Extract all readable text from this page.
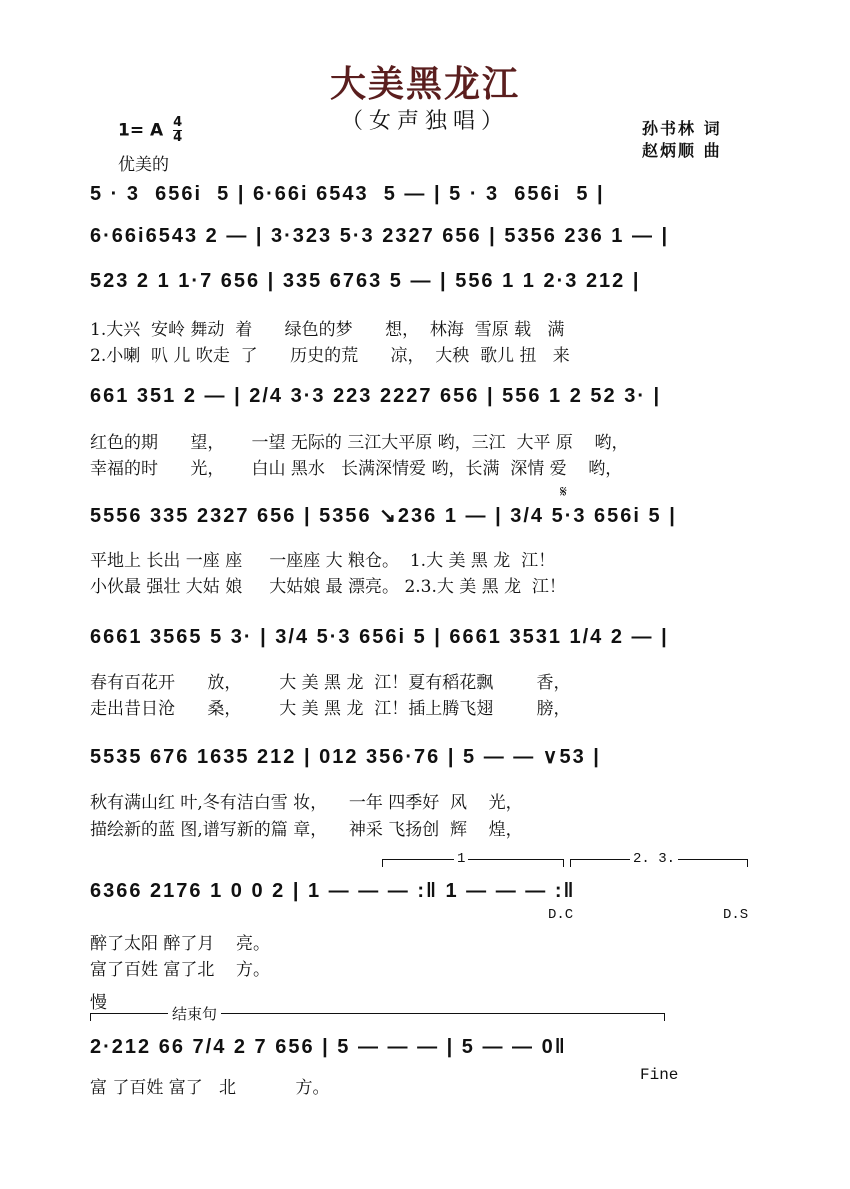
大美黑龙江
（女声独唱）
1= A $\frac{4}{4}$
优美的
孙书林 词
赵炳顺 曲
5 · 3  656i  5 | 6·66i 6543  5 — | 5 · 3  656i  5 |
6·66i6543 2 — | 3·323 5·3 2327 656 | 5356 236 1 — |
523 2 1 1·7 656 | 335 6763 5 — | 556 1 1 2·3 212 |
1.大兴  安岭 舞动  着      绿色的梦      想，  林海  雪原 载   满
2.小喇  叭 儿 吹走  了      历史的荒      凉，  大秧  歌儿 扭   来
661 351 2 — | 2/4 3·3 223 2227 656 | 556 1 2 52 3· |
红色的期      望，     一望 无际的 三江大平原 哟，三江  大平 原    哟，
幸福的时      光，     白山 黑水   长满深情爱 哟，长满  深情 爱    哟，
𝄋
5556 335 2327 656 | 5356 ↘236 1 — | 3/4 5·3 656i 5 |
平地上 长出 一座 座     一座座 大 粮仓。  1.大 美 黑 龙  江！
小伙最 强壮 大姑 娘     大姑娘 最 漂亮。 2.3.大 美 黑 龙  江！
6661 3565 5 3· | 3/4 5·3 656i 5 | 6661 3531 1/4 2 — |
春有百花开      放，       大 美 黑 龙  江！夏有稻花飘        香，
走出昔日沧      桑，       大 美 黑 龙  江！插上腾飞翅        膀，
5535 676 1635 212 | 012 356·76 | 5 — — ∨53 |
秋有满山红 叶,冬有洁白雪 妆，    一年 四季好  风    光，
描绘新的蓝 图,谱写新的篇 章，    神采 飞扬创  辉    煌，
1	2. 3.
6366 2176 1 0 0 2 | 1 — — — :‖ 1 — — — :‖
D.C	D.S
醉了太阳 醉了月    亮。
富了百姓 富了北    方。
慢
结束句
2·212 66 7/4 2 7 656 | 5 — — — | 5 — — 0‖
Fine
富 了百姓 富了   北           方。
